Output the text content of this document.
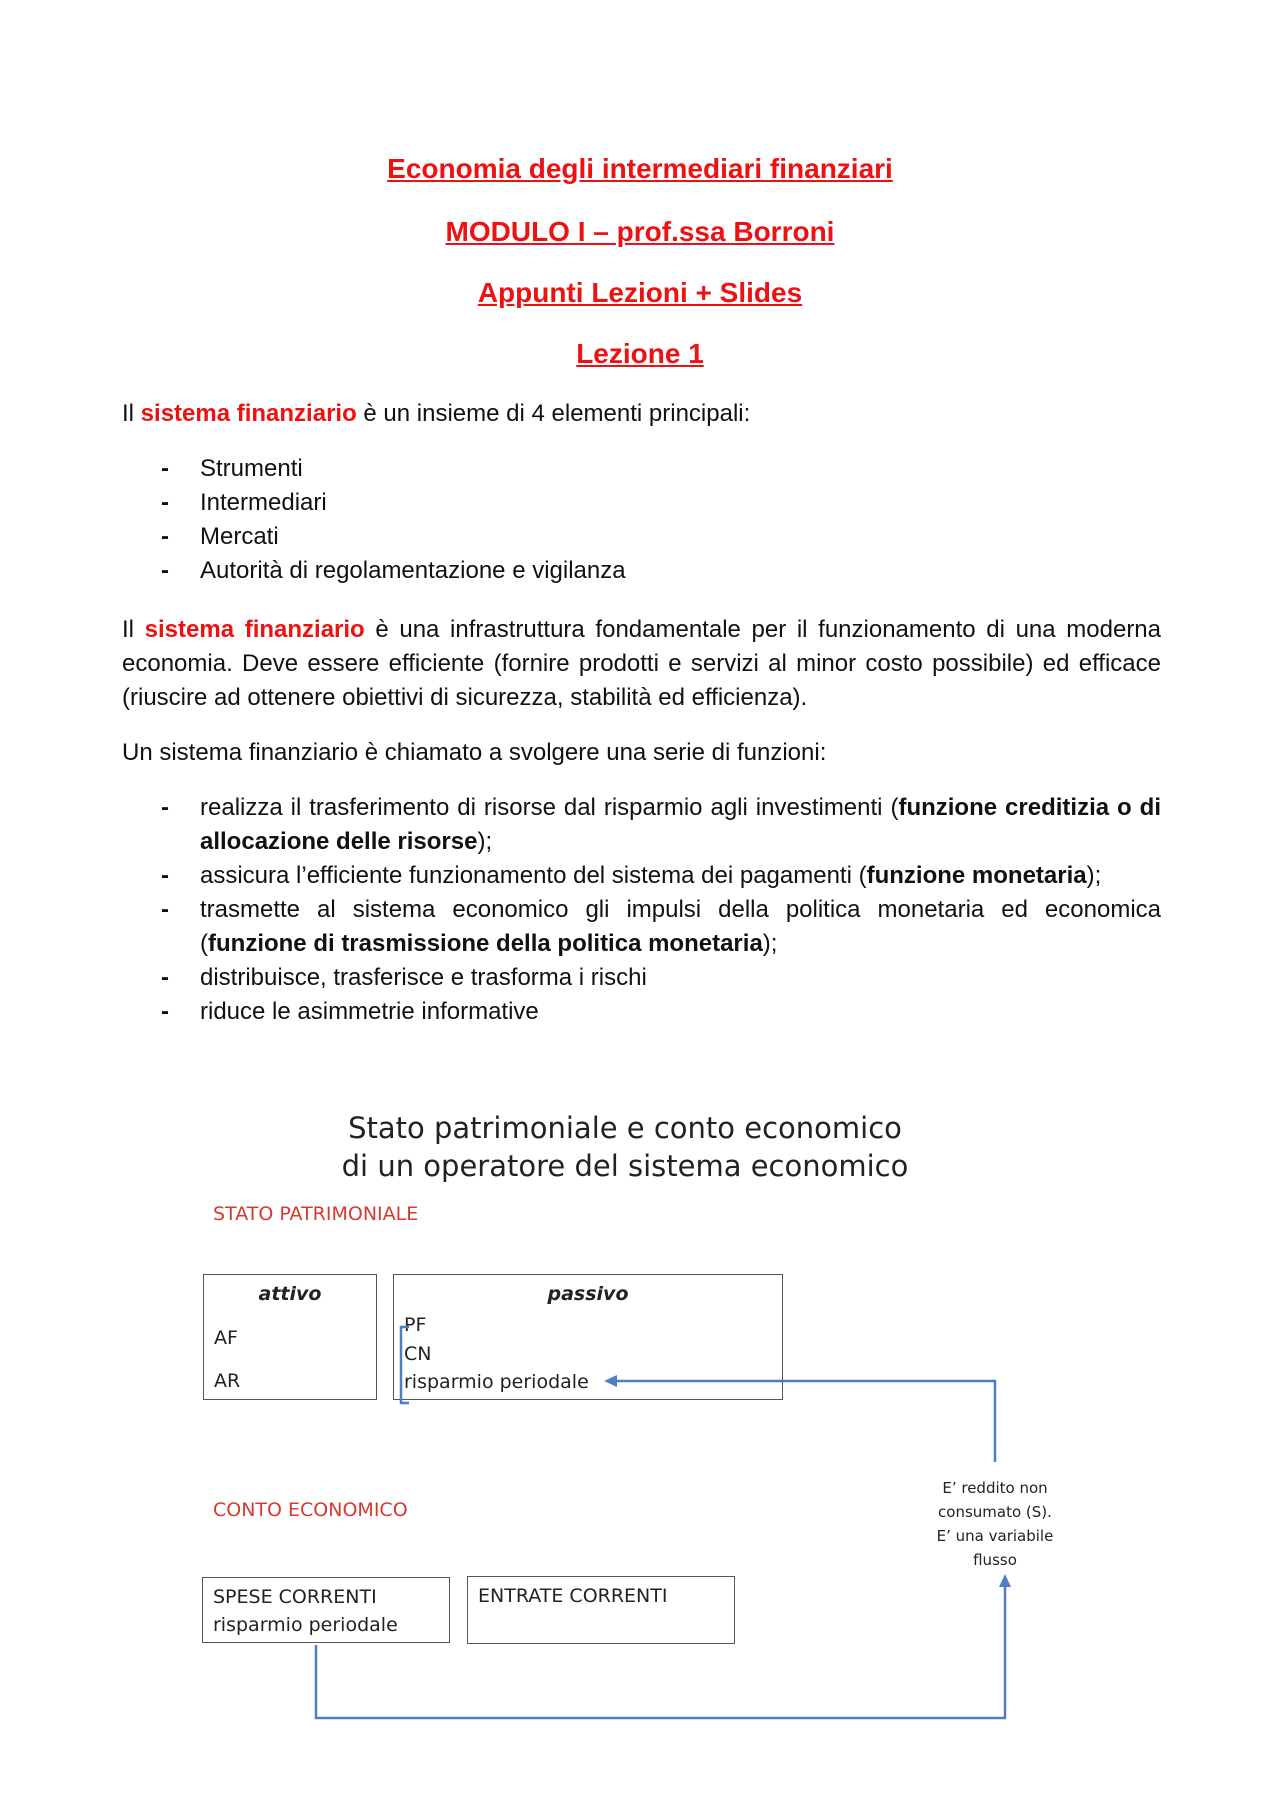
Economia degli intermediari finanziari
MODULO I – prof.ssa Borroni
Appunti Lezioni + Slides
Lezione 1
Il sistema finanziario è un insieme di 4 elementi principali:
- Strumenti
- Intermediari
- Mercati
- Autorità di regolamentazione e vigilanza
Il sistema finanziario è una infrastruttura fondamentale per il funzionamento di una moderna economia. Deve essere efficiente (fornire prodotti e servizi al minor costo possibile) ed efficace (riuscire ad ottenere obiettivi di sicurezza, stabilità ed efficienza).
Un sistema finanziario è chiamato a svolgere una serie di funzioni:
- realizza il trasferimento di risorse dal risparmio agli investimenti (funzione creditizia o di allocazione delle risorse);
- assicura l’efficiente funzionamento del sistema dei pagamenti (funzione monetaria);
- trasmette al sistema economico gli impulsi della politica monetaria ed economica (funzione di trasmissione della politica monetaria);
- distribuisce, trasferisce e trasforma i rischi
- riduce le asimmetrie informative
Stato patrimoniale e conto economico
di un operatore del sistema economico
STATO PATRIMONIALE
attivo
AF
AR
passivo
PF
CN
risparmio periodale
CONTO ECONOMICO
SPESE CORRENTI
risparmio periodale
ENTRATE CORRENTI
E’ reddito non
consumato (S).
E’ una variabile
flusso
